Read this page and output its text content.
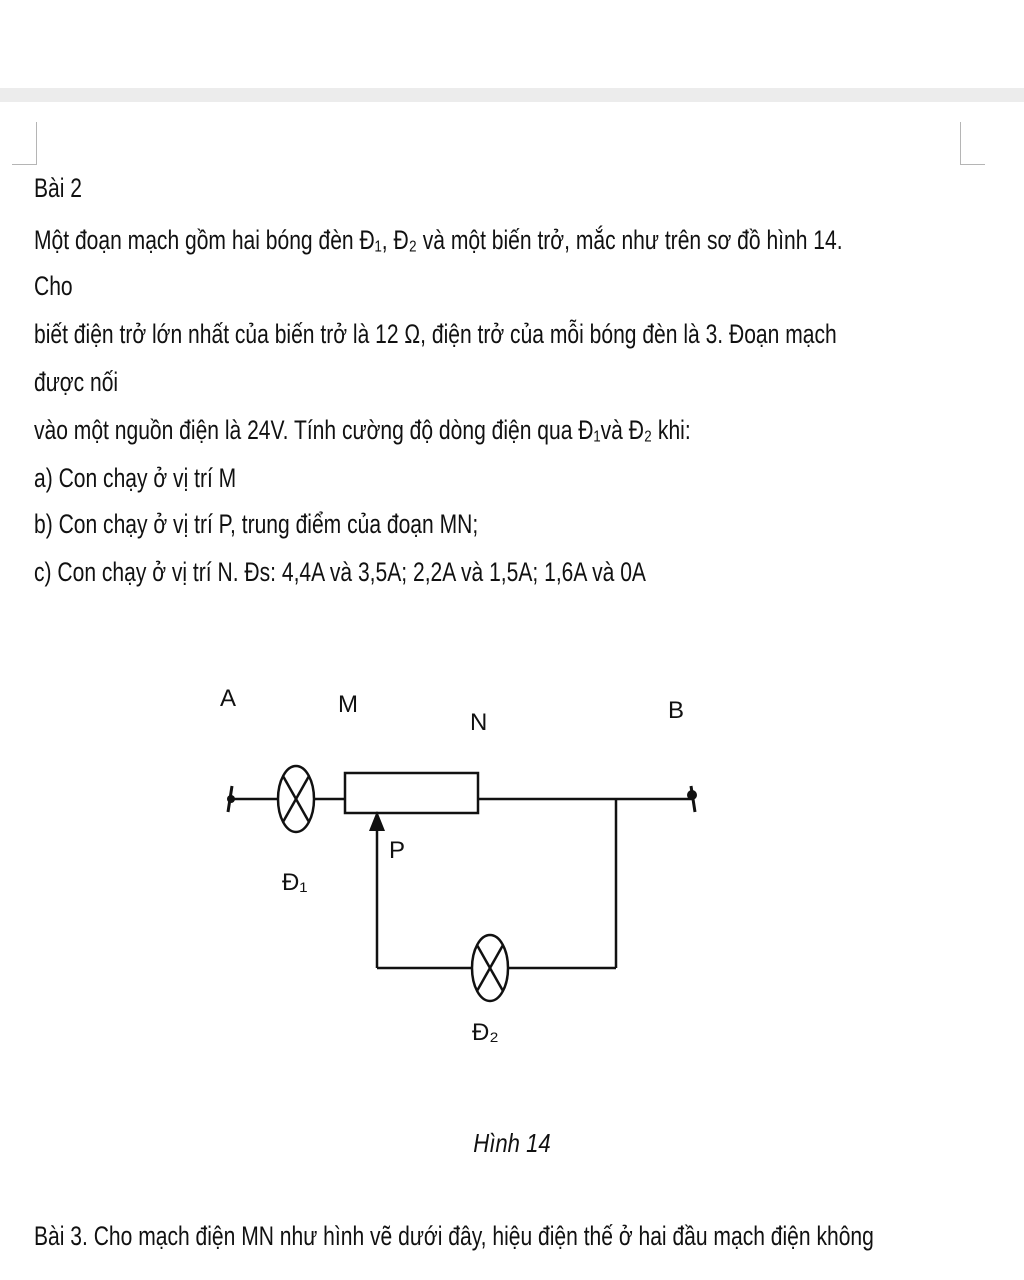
Bài 2
Một đoạn mạch gồm hai bóng đèn Đ₁, Đ₂ và một biến trở, mắc như trên sơ đồ hình 14.
Cho
biết điện trở lớn nhất của biến trở là 12 Ω, điện trở của mỗi bóng đèn là 3. Đoạn mạch
được nối
vào một nguồn điện là 24V. Tính cường độ dòng điện qua Đ₁và Đ₂ khi:
a) Con chạy ở vị trí M
b) Con chạy ở vị trí P, trung điểm của đoạn MN;
c) Con chạy ở vị trí N. Đs: 4,4A và 3,5A; 2,2A và 1,5A; 1,6A và 0A
A	M
N	B
P
Đ₁
Đ₂
Hình 14
Bài 3. Cho mạch điện MN như hình vẽ dưới đây, hiệu điện thế ở hai đầu mạch điện không
